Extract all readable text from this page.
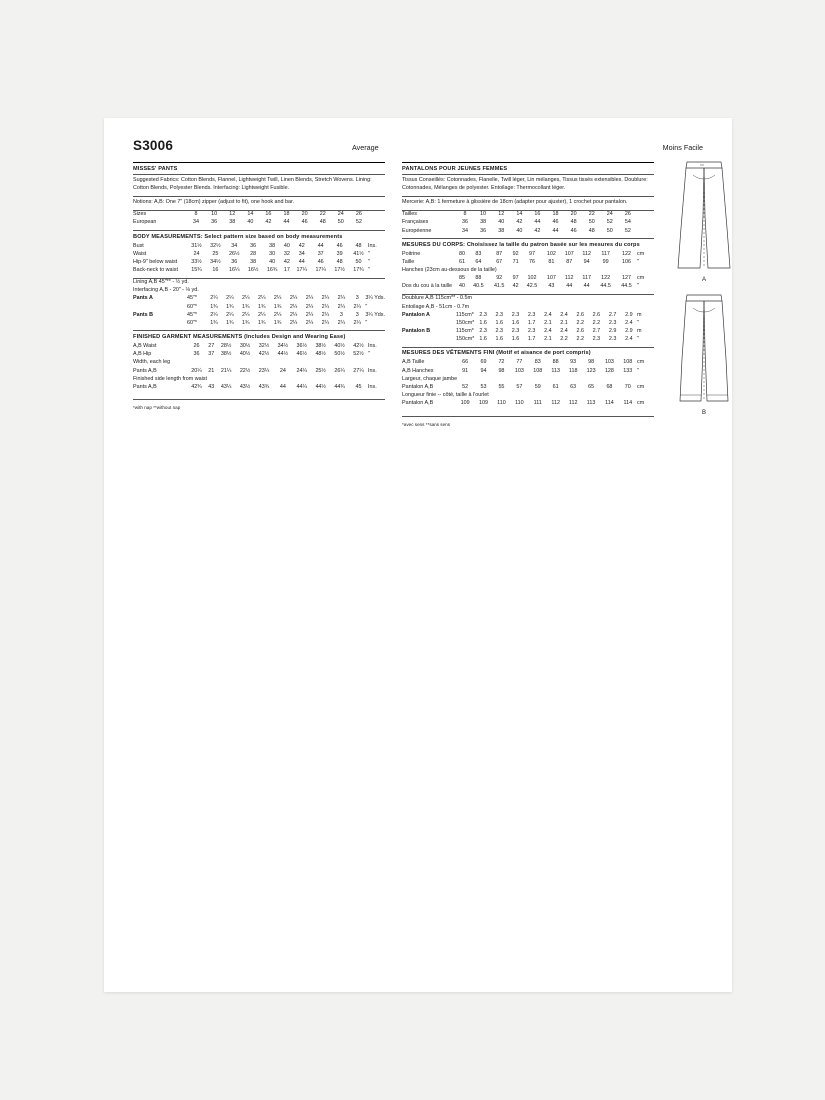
S3006	Average	Moins Facile
MISSES' PANTS
Suggested Fabrics: Cotton Blends, Flannel, Lightweight Twill, Linen Blends, Stretch Wovens. Lining: Cotton Blends, Polyester Blends. Interfacing: Lightweight Fusible.
Notions: A,B: One 7" (18cm) zipper (adjust to fit), one hook and bar.
Sizes	8	10	12	14	16	18	20	22	24	26	
European	34	36	38	40	42	44	46	48	50	52	
BODY MEASUREMENTS: Select pattern size based on body measurements
Bust	31½	32½	34	36	38	40	42	44	46	48	Ins.
Waist	24	25	26½	28	30	32	34	37	39	41½	"
Hip-9" below waist	33½	34½	36	38	40	42	44	46	48	50	"
Back-neck to waist	15¾	16	16¼	16½	16¾	17	17¼	17¼	17½	17¾	"
Lining A,B 45"** - ½ yd.
Interfacing A,B - 20" - ⅛ yd.
Pants A	45"*	2¼	2¼	2¼	2¼	2¼	2¼	2¼	2¼	2¼	3	3¼ Yds.
	60"*	1¾	1¾	1¾	1¾	1¾	2¼	2¼	2¼	2¼	2¼	"
Pants B	45"*	2¼	2¼	2¼	2¼	2¼	2¼	2¼	2¼	3	3	3¼ Yds.
	60"*	1¾	1¾	1¾	1¾	1¾	2¼	2¼	2¼	2¼	2¼	"
FINISHED GARMENT MEASUREMENTS (Includes Design and Wearing Ease)
A,B Waist	26	27	28½	30½	32½	34½	36½	38½	40½	42½	Ins.
A,B Hip	36	37	38½	40½	42½	44½	46½	48½	50½	52½	"
Width, each leg											
Pants A,B	20¼	21	21¼	22½	23¼	24	24¼	25½	26¼	27¼	Ins.
Finished side length from waist											
Pants A,B	42¾	43	43¼	43½	43¾	44	44¼	44½	44¾	45	Ins.
*with nap **without nap
PANTALONS POUR JEUNES FEMMES
Tissus Conseillés: Cotonnades, Flanelle, Twill léger, Lin mélanges, Tissus tissés extensibles. Doublure: Cotonnades, Mélanges de polyester. Entoilage: Thermocollant léger.
Mercerie: A,B: 1 fermeture à glissière de 18cm (adapter pour ajuster), 1 crochet pour pantalon.
Tailles	8	10	12	14	16	18	20	22	24	26	
Françaises	36	38	40	42	44	46	48	50	52	54	
Européenne	34	36	38	40	42	44	46	48	50	52	
MESURES DU CORPS: Choisissez la taille du patron basée sur les mesures du corps
Poitrine	80	83	87	92	97	102	107	112	117	122	cm
Taille	61	64	67	71	76	81	87	94	99	106	"
Hanches (23cm au-dessous de la taille)											
	85	88	92	97	102	107	112	117	122	127	cm
Dos du cou à la taille	40	40.5	41.5	42	42.5	43	44	44	44.5	44.5	"
Doublure A,B 115cm** - 0.5m
Entoilage A,B - 51cm - 0.7m
Pantalon A	115cm*	2.3	2.3	2.3	2.3	2.4	2.4	2.6	2.6	2.7	2.9	m
	150cm*	1.6	1.6	1.6	1.7	2.1	2.1	2.2	2.2	2.3	2.4	"
Pantalon B	115cm*	2.3	2.3	2.3	2.3	2.4	2.4	2.6	2.7	2.9	2.9	m
	150cm*	1.6	1.6	1.6	1.7	2.1	2.2	2.2	2.3	2.3	2.4	"
MESURES DES VÊTEMENTS FINI (Motif et aisance de port compris)
A,B Taille	66	69	72	77	83	88	93	98	103	108	cm
A,B Hanches	91	94	98	103	108	113	118	123	128	133	"
Largeur, chaque jambe											
Pantalon A,B	52	53	55	57	59	61	63	65	68	70	cm
Longueur finie -- côté, taille à l'ourlet											
Pantalon A,B	109	109	110	110	111	112	112	113	114	114	cm
*avec sens **sans sens
A
B
